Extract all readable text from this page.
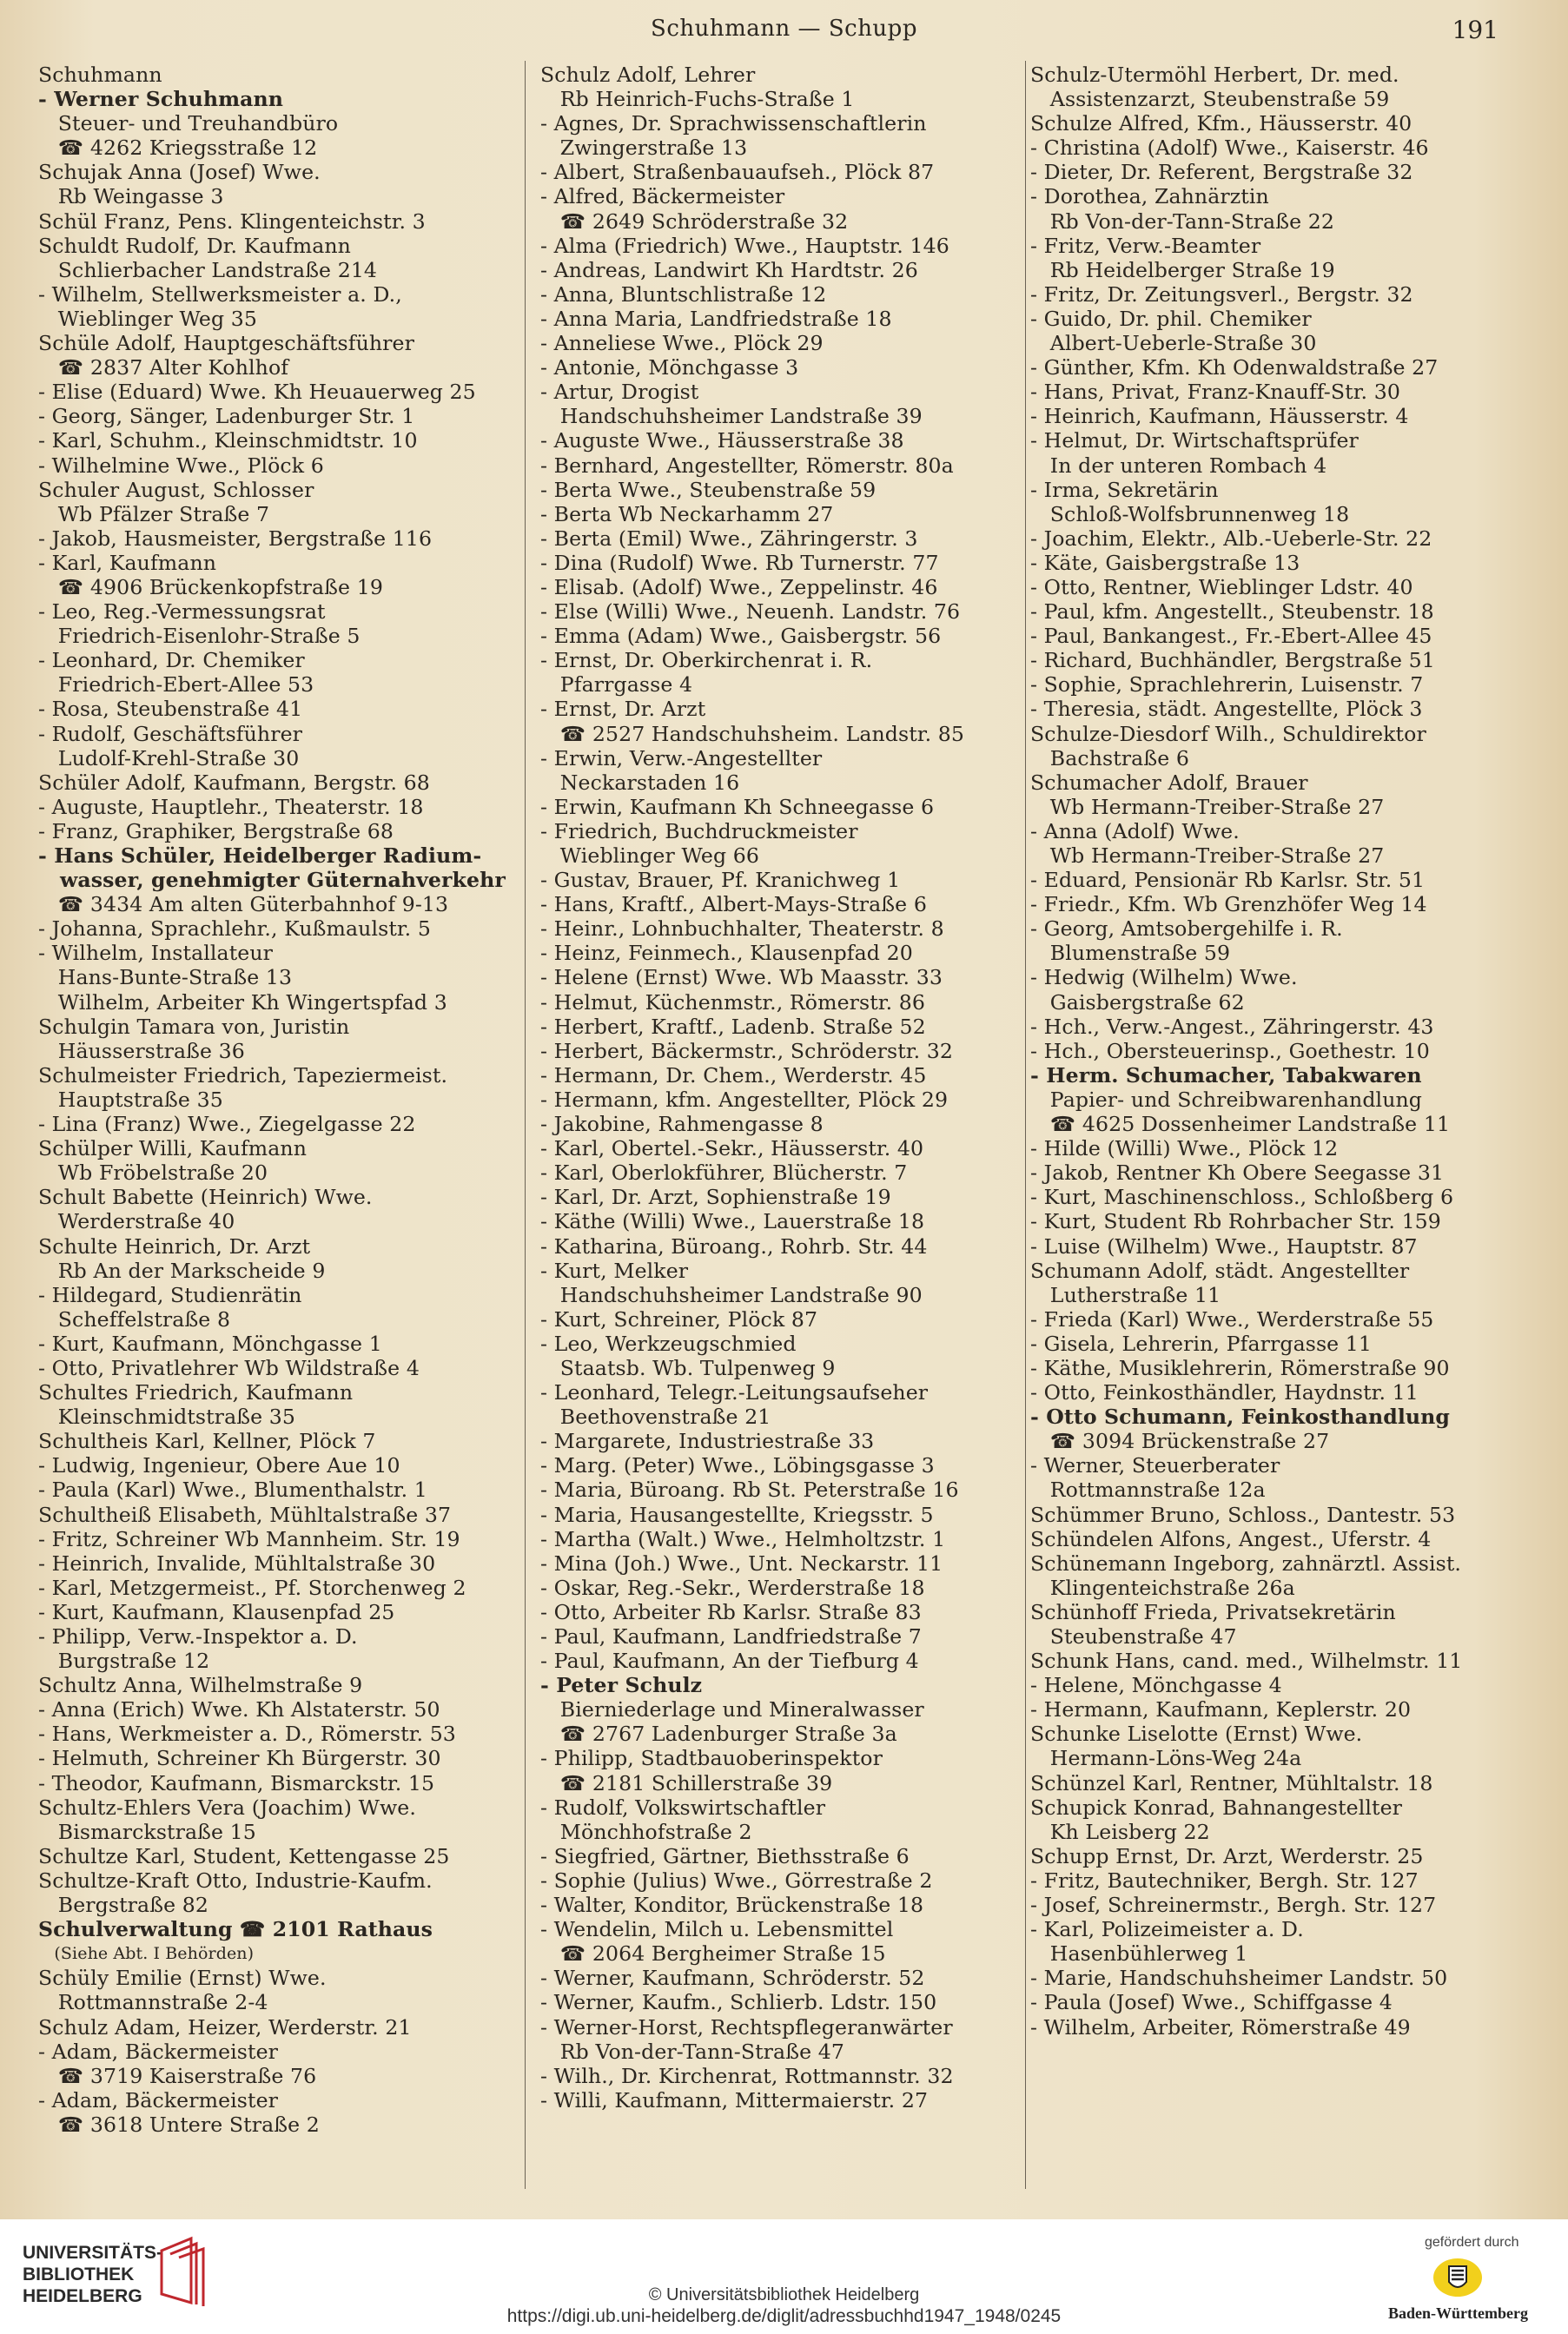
Schuhmann — Schupp	191
Schuhmann
- Werner Schuhmann
Steuer- und Treuhandbüro
☎ 4262 Kriegsstraße 12
Schujak Anna (Josef) Wwe.
Rb Weingasse 3
Schül Franz, Pens. Klingenteichstr. 3
Schuldt Rudolf, Dr. Kaufmann
Schlierbacher Landstraße 214
- Wilhelm, Stellwerksmeister a. D.,
Wieblinger Weg 35
Schüle Adolf, Hauptgeschäftsführer
☎ 2837 Alter Kohlhof
- Elise (Eduard) Wwe. Kh Heuauerweg 25
- Georg, Sänger, Ladenburger Str. 1
- Karl, Schuhm., Kleinschmidtstr. 10
- Wilhelmine Wwe., Plöck 6
Schuler August, Schlosser
Wb Pfälzer Straße 7
- Jakob, Hausmeister, Bergstraße 116
- Karl, Kaufmann
☎ 4906 Brückenkopfstraße 19
- Leo, Reg.-Vermessungsrat
Friedrich-Eisenlohr-Straße 5
- Leonhard, Dr. Chemiker
Friedrich-Ebert-Allee 53
- Rosa, Steubenstraße 41
- Rudolf, Geschäftsführer
Ludolf-Krehl-Straße 30
Schüler Adolf, Kaufmann, Bergstr. 68
- Auguste, Hauptlehr., Theaterstr. 18
- Franz, Graphiker, Bergstraße 68
- Hans Schüler, Heidelberger Radium-
wasser, genehmigter Güternahverkehr
☎ 3434 Am alten Güterbahnhof 9-13
- Johanna, Sprachlehr., Kußmaulstr. 5
- Wilhelm, Installateur
Hans-Bunte-Straße 13
Wilhelm, Arbeiter Kh Wingertspfad 3
Schulgin Tamara von, Juristin
Häusserstraße 36
Schulmeister Friedrich, Tapeziermeist.
Hauptstraße 35
- Lina (Franz) Wwe., Ziegelgasse 22
Schülper Willi, Kaufmann
Wb Fröbelstraße 20
Schult Babette (Heinrich) Wwe.
Werderstraße 40
Schulte Heinrich, Dr. Arzt
Rb An der Markscheide 9
- Hildegard, Studienrätin
Scheffelstraße 8
- Kurt, Kaufmann, Mönchgasse 1
- Otto, Privatlehrer Wb Wildstraße 4
Schultes Friedrich, Kaufmann
Kleinschmidtstraße 35
Schultheis Karl, Kellner, Plöck 7
- Ludwig, Ingenieur, Obere Aue 10
- Paula (Karl) Wwe., Blumenthalstr. 1
Schultheiß Elisabeth, Mühltalstraße 37
- Fritz, Schreiner Wb Mannheim. Str. 19
- Heinrich, Invalide, Mühltalstraße 30
- Karl, Metzgermeist., Pf. Storchenweg 2
- Kurt, Kaufmann, Klausenpfad 25
- Philipp, Verw.-Inspektor a. D.
Burgstraße 12
Schultz Anna, Wilhelmstraße 9
- Anna (Erich) Wwe. Kh Alstaterstr. 50
- Hans, Werkmeister a. D., Römerstr. 53
- Helmuth, Schreiner Kh Bürgerstr. 30
- Theodor, Kaufmann, Bismarckstr. 15
Schultz-Ehlers Vera (Joachim) Wwe.
Bismarckstraße 15
Schultze Karl, Student, Kettengasse 25
Schultze-Kraft Otto, Industrie-Kaufm.
Bergstraße 82
Schulverwaltung ☎ 2101 Rathaus
(Siehe Abt. I Behörden)
Schüly Emilie (Ernst) Wwe.
Rottmannstraße 2-4
Schulz Adam, Heizer, Werderstr. 21
- Adam, Bäckermeister
☎ 3719 Kaiserstraße 76
- Adam, Bäckermeister
☎ 3618 Untere Straße 2
Schulz Adolf, Lehrer
Rb Heinrich-Fuchs-Straße 1
- Agnes, Dr. Sprachwissenschaftlerin
Zwingerstraße 13
- Albert, Straßenbauaufseh., Plöck 87
- Alfred, Bäckermeister
☎ 2649 Schröderstraße 32
- Alma (Friedrich) Wwe., Hauptstr. 146
- Andreas, Landwirt Kh Hardtstr. 26
- Anna, Bluntschlistraße 12
- Anna Maria, Landfriedstraße 18
- Anneliese Wwe., Plöck 29
- Antonie, Mönchgasse 3
- Artur, Drogist
Handschuhsheimer Landstraße 39
- Auguste Wwe., Häusserstraße 38
- Bernhard, Angestellter, Römerstr. 80a
- Berta Wwe., Steubenstraße 59
- Berta Wb Neckarhamm 27
- Berta (Emil) Wwe., Zähringerstr. 3
- Dina (Rudolf) Wwe. Rb Turnerstr. 77
- Elisab. (Adolf) Wwe., Zeppelinstr. 46
- Else (Willi) Wwe., Neuenh. Landstr. 76
- Emma (Adam) Wwe., Gaisbergstr. 56
- Ernst, Dr. Oberkirchenrat i. R.
Pfarrgasse 4
- Ernst, Dr. Arzt
☎ 2527 Handschuhsheim. Landstr. 85
- Erwin, Verw.-Angestellter
Neckarstaden 16
- Erwin, Kaufmann Kh Schneegasse 6
- Friedrich, Buchdruckmeister
Wieblinger Weg 66
- Gustav, Brauer, Pf. Kranichweg 1
- Hans, Kraftf., Albert-Mays-Straße 6
- Heinr., Lohnbuchhalter, Theaterstr. 8
- Heinz, Feinmech., Klausenpfad 20
- Helene (Ernst) Wwe. Wb Maasstr. 33
- Helmut, Küchenmstr., Römerstr. 86
- Herbert, Kraftf., Ladenb. Straße 52
- Herbert, Bäckermstr., Schröderstr. 32
- Hermann, Dr. Chem., Werderstr. 45
- Hermann, kfm. Angestellter, Plöck 29
- Jakobine, Rahmengasse 8
- Karl, Obertel.-Sekr., Häusserstr. 40
- Karl, Oberlokführer, Blücherstr. 7
- Karl, Dr. Arzt, Sophienstraße 19
- Käthe (Willi) Wwe., Lauerstraße 18
- Katharina, Büroang., Rohrb. Str. 44
- Kurt, Melker
Handschuhsheimer Landstraße 90
- Kurt, Schreiner, Plöck 87
- Leo, Werkzeugschmied
Staatsb. Wb. Tulpenweg 9
- Leonhard, Telegr.-Leitungsaufseher
Beethovenstraße 21
- Margarete, Industriestraße 33
- Marg. (Peter) Wwe., Löbingsgasse 3
- Maria, Büroang. Rb St. Peterstraße 16
- Maria, Hausangestellte, Kriegsstr. 5
- Martha (Walt.) Wwe., Helmholtzstr. 1
- Mina (Joh.) Wwe., Unt. Neckarstr. 11
- Oskar, Reg.-Sekr., Werderstraße 18
- Otto, Arbeiter Rb Karlsr. Straße 83
- Paul, Kaufmann, Landfriedstraße 7
- Paul, Kaufmann, An der Tiefburg 4
- Peter Schulz
Bierniederlage und Mineralwasser
☎ 2767 Ladenburger Straße 3a
- Philipp, Stadtbauoberinspektor
☎ 2181 Schillerstraße 39
- Rudolf, Volkswirtschaftler
Mönchhofstraße 2
- Siegfried, Gärtner, Biethsstraße 6
- Sophie (Julius) Wwe., Görrestraße 2
- Walter, Konditor, Brückenstraße 18
- Wendelin, Milch u. Lebensmittel
☎ 2064 Bergheimer Straße 15
- Werner, Kaufmann, Schröderstr. 52
- Werner, Kaufm., Schlierb. Ldstr. 150
- Werner-Horst, Rechtspflegeranwärter
Rb Von-der-Tann-Straße 47
- Wilh., Dr. Kirchenrat, Rottmannstr. 32
- Willi, Kaufmann, Mittermaierstr. 27
Schulz-Utermöhl Herbert, Dr. med.
Assistenzarzt, Steubenstraße 59
Schulze Alfred, Kfm., Häusserstr. 40
- Christina (Adolf) Wwe., Kaiserstr. 46
- Dieter, Dr. Referent, Bergstraße 32
- Dorothea, Zahnärztin
Rb Von-der-Tann-Straße 22
- Fritz, Verw.-Beamter
Rb Heidelberger Straße 19
- Fritz, Dr. Zeitungsverl., Bergstr. 32
- Guido, Dr. phil. Chemiker
Albert-Ueberle-Straße 30
- Günther, Kfm. Kh Odenwaldstraße 27
- Hans, Privat, Franz-Knauff-Str. 30
- Heinrich, Kaufmann, Häusserstr. 4
- Helmut, Dr. Wirtschaftsprüfer
In der unteren Rombach 4
- Irma, Sekretärin
Schloß-Wolfsbrunnenweg 18
- Joachim, Elektr., Alb.-Ueberle-Str. 22
- Käte, Gaisbergstraße 13
- Otto, Rentner, Wieblinger Ldstr. 40
- Paul, kfm. Angestellt., Steubenstr. 18
- Paul, Bankangest., Fr.-Ebert-Allee 45
- Richard, Buchhändler, Bergstraße 51
- Sophie, Sprachlehrerin, Luisenstr. 7
- Theresia, städt. Angestellte, Plöck 3
Schulze-Diesdorf Wilh., Schuldirektor
Bachstraße 6
Schumacher Adolf, Brauer
Wb Hermann-Treiber-Straße 27
- Anna (Adolf) Wwe.
Wb Hermann-Treiber-Straße 27
- Eduard, Pensionär Rb Karlsr. Str. 51
- Friedr., Kfm. Wb Grenzhöfer Weg 14
- Georg, Amtsobergehilfe i. R.
Blumenstraße 59
- Hedwig (Wilhelm) Wwe.
Gaisbergstraße 62
- Hch., Verw.-Angest., Zähringerstr. 43
- Hch., Obersteuerinsp., Goethestr. 10
- Herm. Schumacher, Tabakwaren
Papier- und Schreibwarenhandlung
☎ 4625 Dossenheimer Landstraße 11
- Hilde (Willi) Wwe., Plöck 12
- Jakob, Rentner Kh Obere Seegasse 31
- Kurt, Maschinenschloss., Schloßberg 6
- Kurt, Student Rb Rohrbacher Str. 159
- Luise (Wilhelm) Wwe., Hauptstr. 87
Schumann Adolf, städt. Angestellter
Lutherstraße 11
- Frieda (Karl) Wwe., Werderstraße 55
- Gisela, Lehrerin, Pfarrgasse 11
- Käthe, Musiklehrerin, Römerstraße 90
- Otto, Feinkosthändler, Haydnstr. 11
- Otto Schumann, Feinkosthandlung
☎ 3094 Brückenstraße 27
- Werner, Steuerberater
Rottmannstraße 12a
Schümmer Bruno, Schloss., Dantestr. 53
Schündelen Alfons, Angest., Uferstr. 4
Schünemann Ingeborg, zahnärztl. Assist.
Klingenteichstraße 26a
Schünhoff Frieda, Privatsekretärin
Steubenstraße 47
Schunk Hans, cand. med., Wilhelmstr. 11
- Helene, Mönchgasse 4
- Hermann, Kaufmann, Keplerstr. 20
Schunke Liselotte (Ernst) Wwe.
Hermann-Löns-Weg 24a
Schünzel Karl, Rentner, Mühltalstr. 18
Schupick Konrad, Bahnangestellter
Kh Leisberg 22
Schupp Ernst, Dr. Arzt, Werderstr. 25
- Fritz, Bautechniker, Bergh. Str. 127
- Josef, Schreinermstr., Bergh. Str. 127
- Karl, Polizeimeister a. D.
Hasenbühlerweg 1
- Marie, Handschuhsheimer Landstr. 50
- Paula (Josef) Wwe., Schiffgasse 4
- Wilhelm, Arbeiter, Römerstraße 49
UNIVERSITÄTS-
BIBLIOTHEK
HEIDELBERG	© Universitätsbibliothek Heidelberg
https://digi.ub.uni-heidelberg.de/diglit/adressbuchhd1947_1948/0245
gefördert durch
Baden-Württemberg
